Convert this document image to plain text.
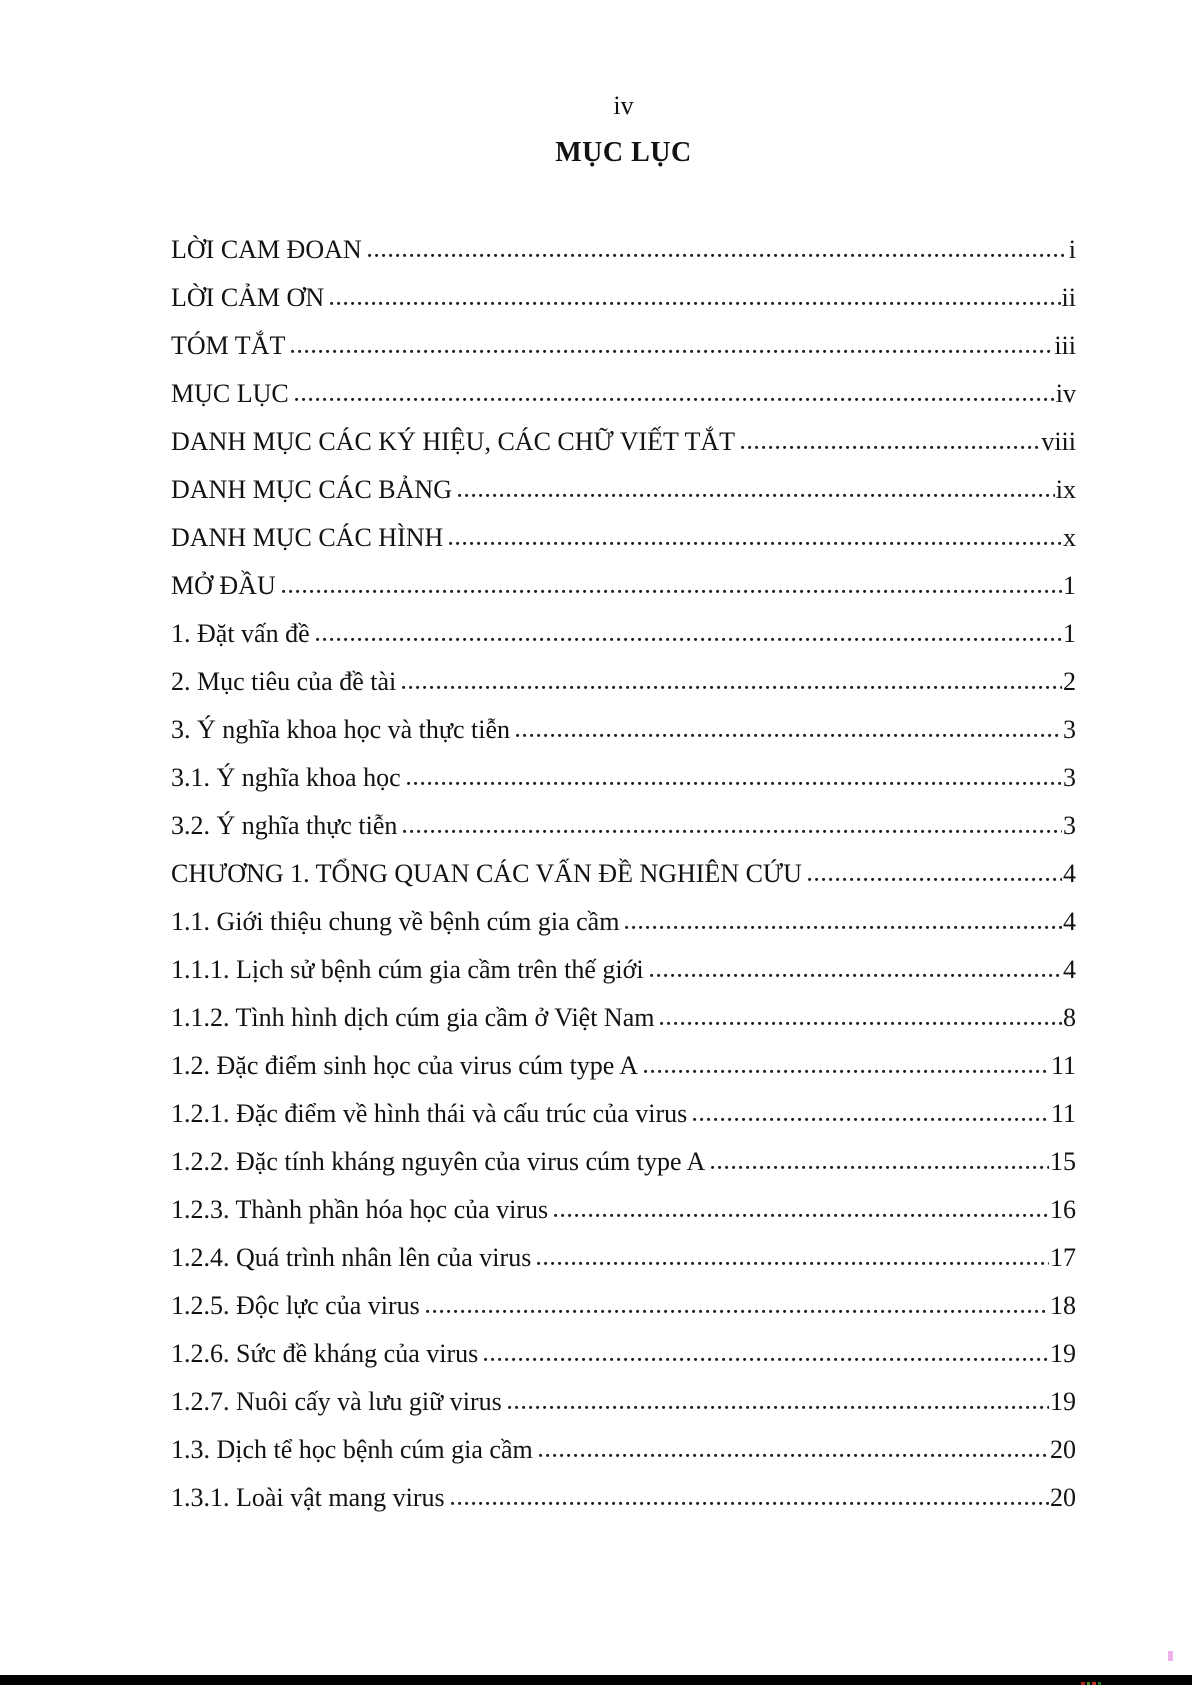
iv
MỤC LỤC
LỜI CAM ĐOAN	i
LỜI CẢM ƠN	ii
TÓM TẮT	iii
MỤC LỤC	iv
DANH MỤC CÁC KÝ HIỆU, CÁC CHỮ VIẾT TẮT	viii
DANH MỤC CÁC BẢNG	ix
DANH MỤC CÁC HÌNH	x
MỞ ĐẦU	1
1. Đặt vấn đề	1
2. Mục tiêu của đề tài	2
3. Ý nghĩa khoa học và thực tiễn	3
3.1. Ý nghĩa khoa học	3
3.2. Ý nghĩa thực tiễn	3
CHƯƠNG 1. TỔNG QUAN CÁC VẤN ĐỀ NGHIÊN CỨU	4
1.1. Giới thiệu chung về bệnh cúm gia cầm	4
1.1.1. Lịch sử bệnh cúm gia cầm trên thế giới	4
1.1.2. Tình hình dịch cúm gia cầm ở Việt Nam	8
1.2. Đặc điểm sinh học của virus cúm type A	11
1.2.1. Đặc điểm về hình thái và cấu trúc của virus	11
1.2.2. Đặc tính kháng nguyên của virus cúm type A	15
1.2.3. Thành phần hóa học của virus	16
1.2.4. Quá trình nhân lên của virus	17
1.2.5. Độc lực của virus	18
1.2.6. Sức đề kháng của virus	19
1.2.7. Nuôi cấy và lưu giữ virus	19
1.3. Dịch tể học bệnh cúm gia cầm	20
1.3.1. Loài vật mang virus	20
